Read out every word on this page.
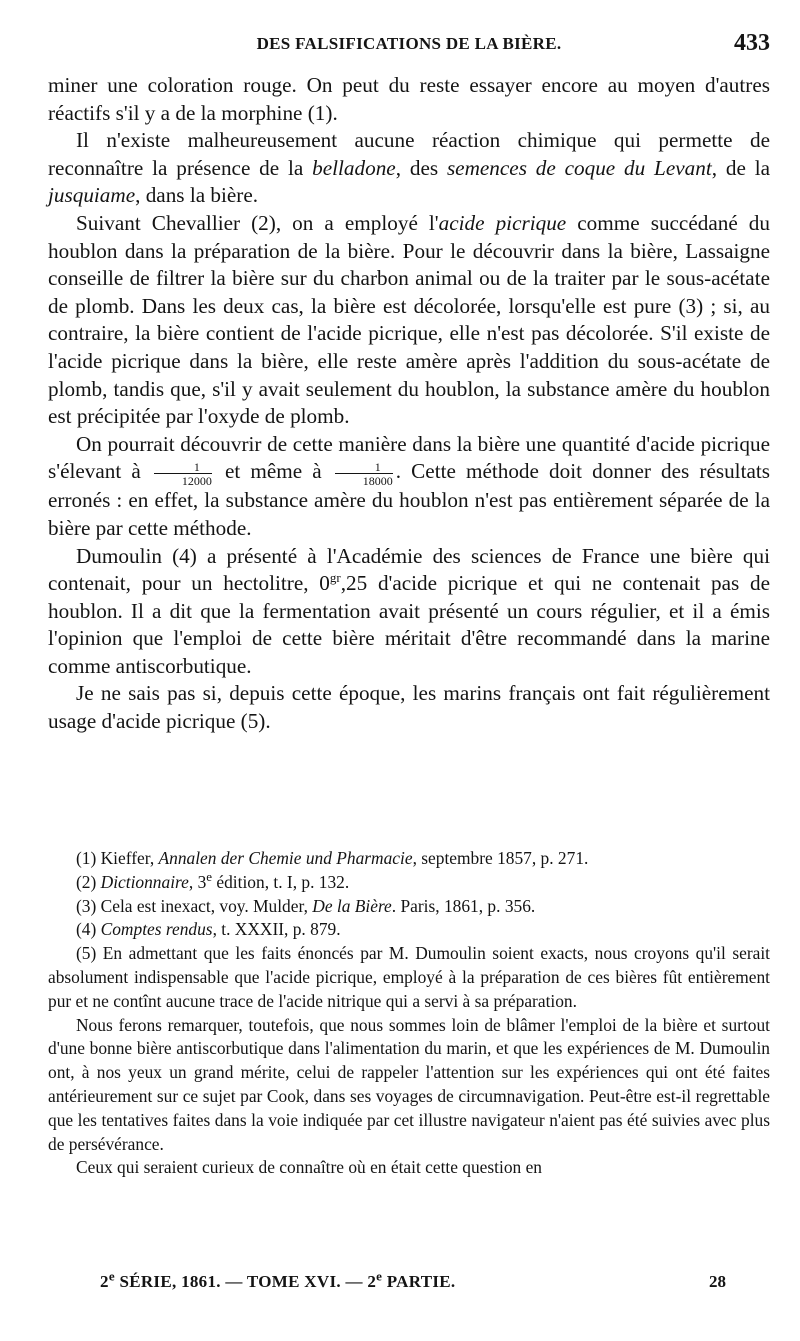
DES FALSIFICATIONS DE LA BIÈRE.	433

miner une coloration rouge. On peut du reste essayer encore au moyen d'autres réactifs s'il y a de la morphine (1).

Il n'existe malheureusement aucune réaction chimique qui permette de reconnaître la présence de la belladone, des semences de coque du Levant, de la jusquiame, dans la bière.

Suivant Chevallier (2), on a employé l'acide picrique comme succédané du houblon dans la préparation de la bière. Pour le découvrir dans la bière, Lassaigne conseille de filtrer la bière sur du charbon animal ou de la traiter par le sous-acétate de plomb. Dans les deux cas, la bière est décolorée, lorsqu'elle est pure (3) ; si, au contraire, la bière contient de l'acide picrique, elle n'est pas décolorée. S'il existe de l'acide picrique dans la bière, elle reste amère après l'addition du sous-acétate de plomb, tandis que, s'il y avait seulement du houblon, la substance amère du houblon est précipitée par l'oxyde de plomb.

On pourrait découvrir de cette manière dans la bière une quantité d'acide picrique s'élevant à $\frac{1}{12000}$ et même à $\frac{1}{18000}$ . Cette méthode doit donner des résultats erronés : en effet, la substance amère du houblon n'est pas entièrement séparée de la bière par cette méthode.

Dumoulin (4) a présenté à l'Académie des sciences de France une bière qui contenait, pour un hectolitre, $0^{gr},25$ d'acide picrique et qui ne contenait pas de houblon. Il a dit que la fermentation avait présenté un cours régulier, et il a émis l'opinion que l'emploi de cette bière méritait d'être recommandé dans la marine comme antiscorbutique.

Je ne sais pas si, depuis cette époque, les marins français ont fait régulièrement usage d'acide picrique (5).

(1) Kieffer, Annalen der Chemie und Pharmacie, septembre 1857, p. 271.

(2) Dictionnaire, 3e édition, t. I, p. 132.

(3) Cela est inexact, voy. Mulder, De la Bière. Paris, 1861, p. 356.

(4) Comptes rendus, t. XXXII, p. 879.

(5) En admettant que les faits énoncés par M. Dumoulin soient exacts, nous croyons qu'il serait absolument indispensable que l'acide picrique, employé à la préparation de ces bières fût entièrement pur et ne contînt aucune trace de l'acide nitrique qui a servi à sa préparation.

Nous ferons remarquer, toutefois, que nous sommes loin de blâmer l'emploi de la bière et surtout d'une bonne bière antiscorbutique dans l'alimentation du marin, et que les expériences de M. Dumoulin ont, à nos yeux un grand mérite, celui de rappeler l'attention sur les expériences qui ont été faites antérieurement sur ce sujet par Cook, dans ses voyages de circumnavigation. Peut-être est-il regrettable que les tentatives faites dans la voie indiquée par cet illustre navigateur n'aient pas été suivies avec plus de persévérance.

Ceux qui seraient curieux de connaître où en était cette question en

2e SÉRIE, 1861. — TOME XVI. — 2e PARTIE.	28
